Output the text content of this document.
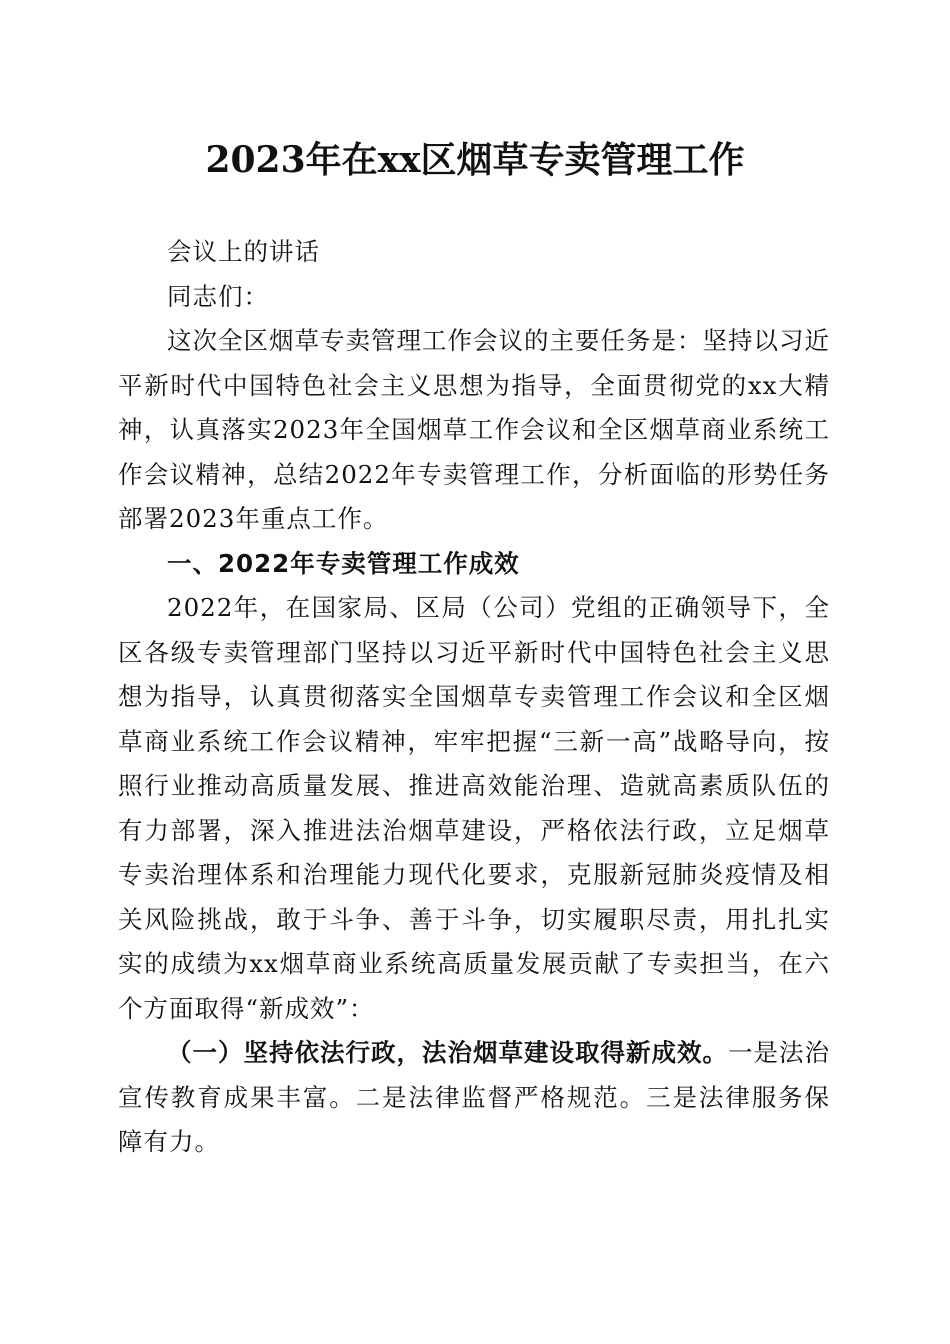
2023年在xx区烟草专卖管理工作

会议上的讲话

同志们：

这次全区烟草专卖管理工作会议的主要任务是：坚持以习近平新时代中国特色社会主义思想为指导，全面贯彻党的xx大精神，认真落实2023年全国烟草工作会议和全区烟草商业系统工作会议精神，总结2022年专卖管理工作，分析面临的形势任务部署2023年重点工作。

一、2022年专卖管理工作成效

2022年，在国家局、区局（公司）党组的正确领导下，全区各级专卖管理部门坚持以习近平新时代中国特色社会主义思想为指导，认真贯彻落实全国烟草专卖管理工作会议和全区烟草商业系统工作会议精神，牢牢把握“三新一高”战略导向，按照行业推动高质量发展、推进高效能治理、造就高素质队伍的有力部署，深入推进法治烟草建设，严格依法行政，立足烟草专卖治理体系和治理能力现代化要求，克服新冠肺炎疫情及相关风险挑战，敢于斗争、善于斗争，切实履职尽责，用扎扎实实的成绩为xx烟草商业系统高质量发展贡献了专卖担当，在六个方面取得“新成效”：

（一）坚持依法行政，法治烟草建设取得新成效。一是法治宣传教育成果丰富。二是法律监督严格规范。三是法律服务保障有力。
